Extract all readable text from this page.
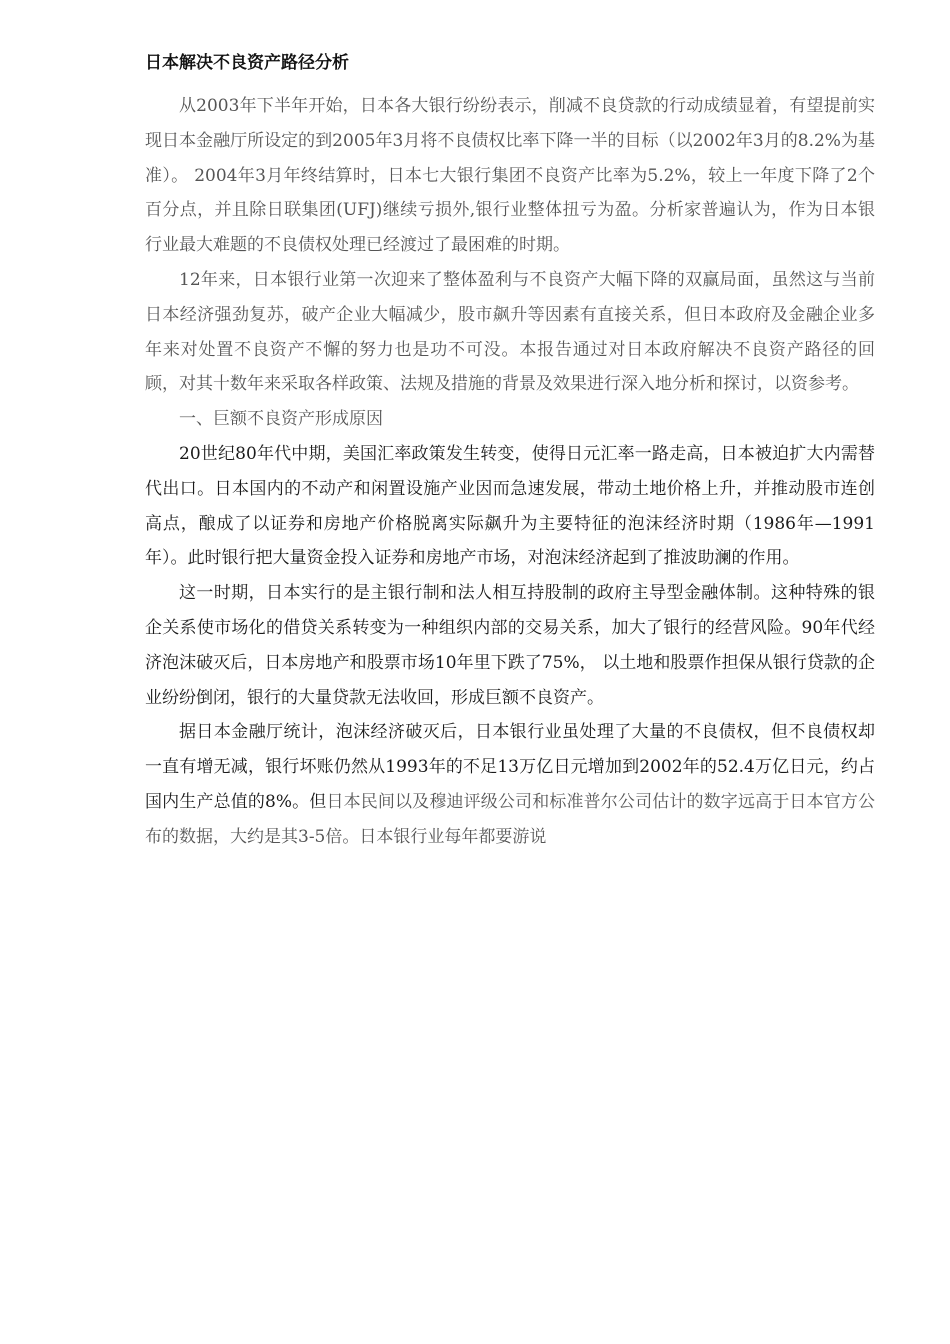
日本解决不良资产路径分析

从2003年下半年开始，日本各大银行纷纷表示，削减不良贷款的行动成绩显着，有望提前实现日本金融厅所设定的到2005年3月将不良债权比率下降一半的目标（以2002年3月的8.2%为基准）。 2004年3月年终结算时，日本七大银行集团不良资产比率为5.2%，较上一年度下降了2个百分点，并且除日联集团(UFJ)继续亏损外,银行业整体扭亏为盈。分析家普遍认为，作为日本银行业最大难题的不良债权处理已经渡过了最困难的时期。

12年来，日本银行业第一次迎来了整体盈利与不良资产大幅下降的双赢局面，虽然这与当前日本经济强劲复苏，破产企业大幅减少，股市飙升等因素有直接关系，但日本政府及金融企业多年来对处置不良资产不懈的努力也是功不可没。本报告通过对日本政府解决不良资产路径的回顾，对其十数年来采取各样政策、法规及措施的背景及效果进行深入地分析和探讨，以资参考。

一、巨额不良资产形成原因

20世纪80年代中期，美国汇率政策发生转变，使得日元汇率一路走高，日本被迫扩大内需替代出口。日本国内的不动产和闲置设施产业因而急速发展，带动土地价格上升，并推动股市连创高点，酿成了以证券和房地产价格脱离实际飙升为主要特征的泡沫经济时期（1986年—1991年）。此时银行把大量资金投入证券和房地产市场，对泡沫经济起到了推波助澜的作用。

这一时期，日本实行的是主银行制和法人相互持股制的政府主导型金融体制。这种特殊的银企关系使市场化的借贷关系转变为一种组织内部的交易关系，加大了银行的经营风险。90年代经济泡沫破灭后，日本房地产和股票市场10年里下跌了75%， 以土地和股票作担保从银行贷款的企业纷纷倒闭，银行的大量贷款无法收回，形成巨额不良资产。

据日本金融厅统计，泡沫经济破灭后，日本银行业虽处理了大量的不良债权，但不良债权却一直有增无减，银行坏账仍然从1993年的不足13万亿日元增加到2002年的52.4万亿日元，约占国内生产总值的8%。但日本民间以及穆迪评级公司和标准普尔公司估计的数字远高于日本官方公布的数据，大约是其3-5倍。日本银行业每年都要游说
